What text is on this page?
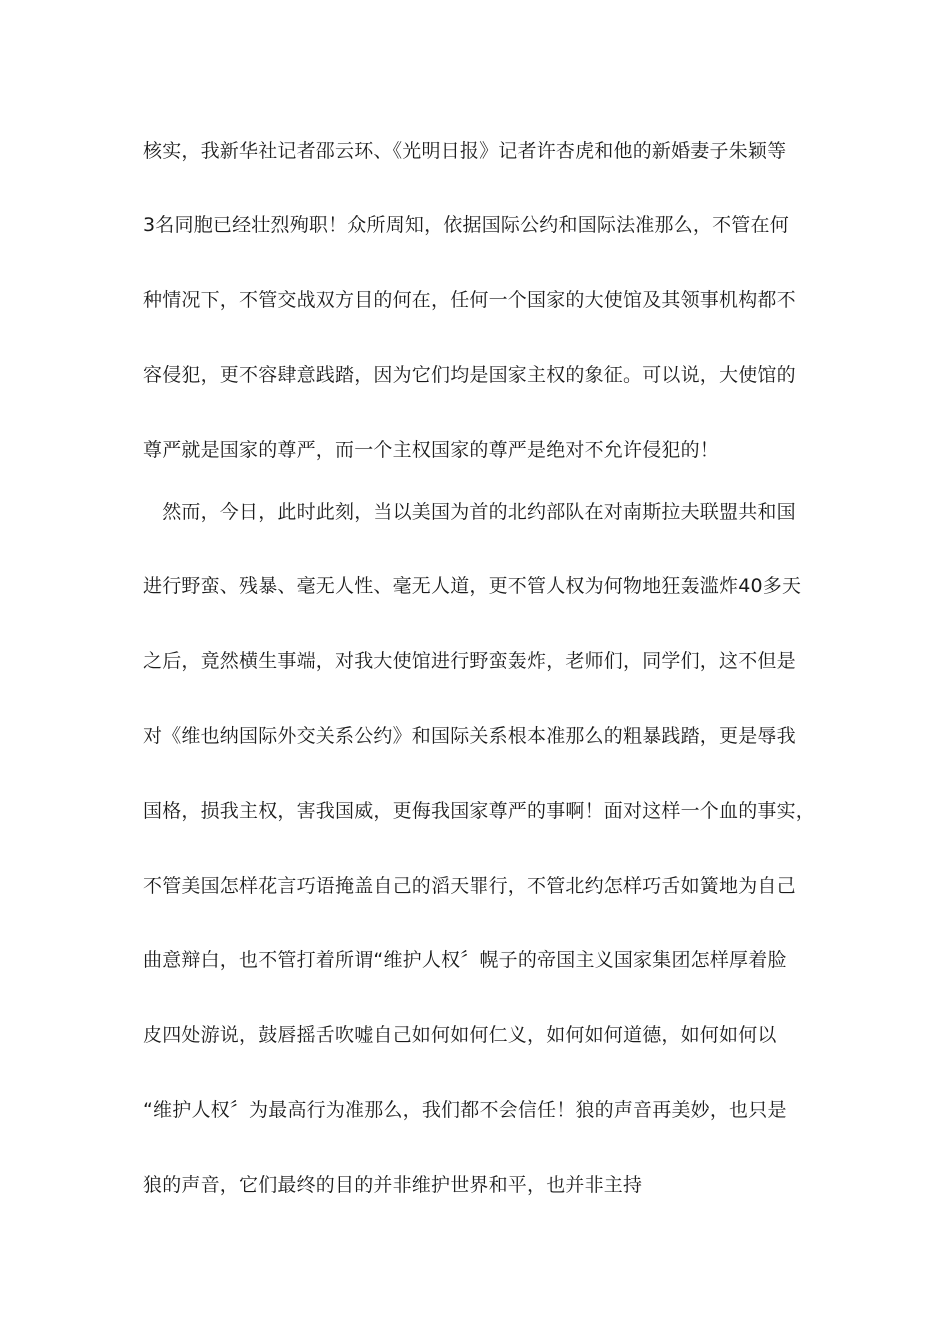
核实，我新华社记者邵云环、《光明日报》记者许杏虎和他的新婚妻子朱颖等
3名同胞已经壮烈殉职！众所周知，依据国际公约和国际法准那么，不管在何
种情况下，不管交战双方目的何在，任何一个国家的大使馆及其领事机构都不
容侵犯，更不容肆意践踏，因为它们均是国家主权的象征。可以说，大使馆的
尊严就是国家的尊严，而一个主权国家的尊严是绝对不允许侵犯的！
　然而，今日，此时此刻，当以美国为首的北约部队在对南斯拉夫联盟共和国
进行野蛮、残暴、毫无人性、毫无人道，更不管人权为何物地狂轰滥炸40多天
之后，竟然横生事端，对我大使馆进行野蛮轰炸，老师们，同学们，这不但是
对《维也纳国际外交关系公约》和国际关系根本准那么的粗暴践踏，更是辱我
国格，损我主权，害我国威，更侮我国家尊严的事啊！面对这样一个血的事实，
不管美国怎样花言巧语掩盖自己的滔天罪行，不管北约怎样巧舌如簧地为自己
曲意辩白，也不管打着所谓“维护人权〞幌子的帝国主义国家集团怎样厚着脸
皮四处游说，鼓唇摇舌吹嘘自己如何如何仁义，如何如何道德，如何如何以
“维护人权〞为最高行为准那么，我们都不会信任！狼的声音再美妙，也只是
狼的声音，它们最终的目的并非维护世界和平，也并非主持
